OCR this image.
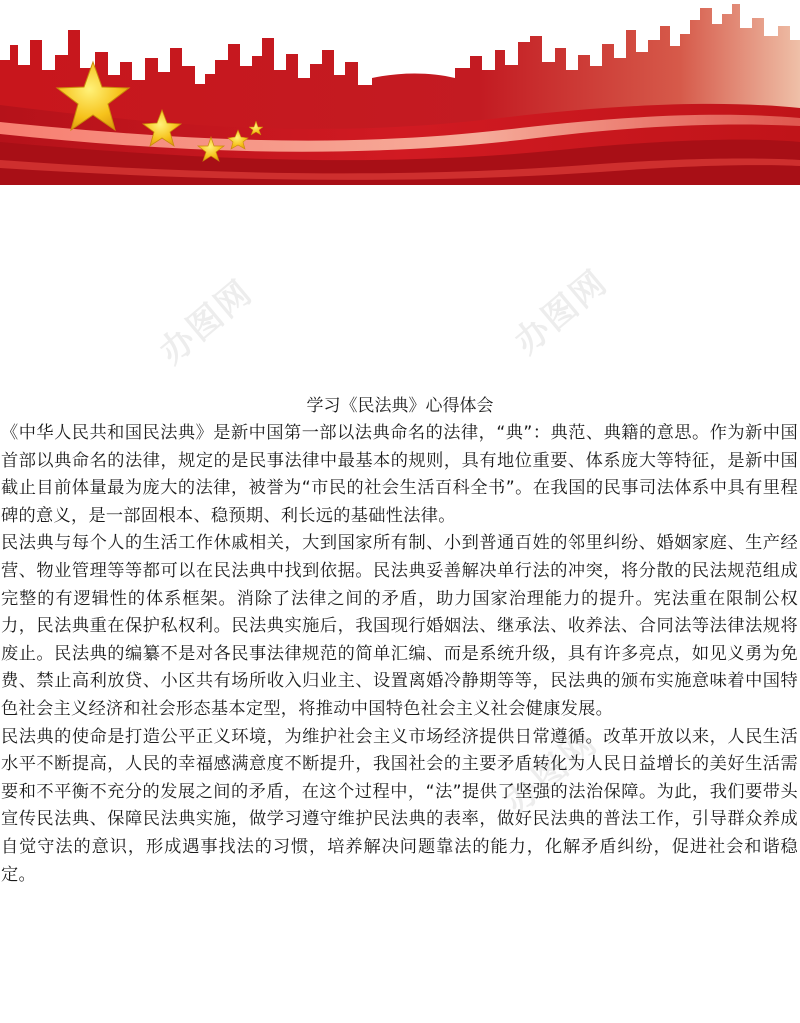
办图网	办图网
办图网
学习《民法典》心得体会

《中华人民共和国民法典》是新中国第一部以法典命名的法律，“典”：典范、典籍的意思。作为新中国首部以典命名的法律，规定的是民事法律中最基本的规则，具有地位重要、体系庞大等特征，是新中国截止目前体量最为庞大的法律，被誉为“市民的社会生活百科全书”。在我国的民事司法体系中具有里程碑的意义，是一部固根本、稳预期、利长远的基础性法律。

民法典与每个人的生活工作休戚相关，大到国家所有制、小到普通百姓的邻里纠纷、婚姻家庭、生产经营、物业管理等等都可以在民法典中找到依据。民法典妥善解决单行法的冲突，将分散的民法规范组成完整的有逻辑性的体系框架。消除了法律之间的矛盾，助力国家治理能力的提升。宪法重在限制公权力，民法典重在保护私权利。民法典实施后，我国现行婚姻法、继承法、收养法、合同法等法律法规将废止。民法典的编纂不是对各民事法律规范的简单汇编、而是系统升级，具有许多亮点，如见义勇为免费、禁止高利放贷、小区共有场所收入归业主、设置离婚冷静期等等，民法典的颁布实施意味着中国特色社会主义经济和社会形态基本定型，将推动中国特色社会主义社会健康发展。

民法典的使命是打造公平正义环境，为维护社会主义市场经济提供日常遵循。改革开放以来，人民生活水平不断提高，人民的幸福感满意度不断提升，我国社会的主要矛盾转化为人民日益增长的美好生活需要和不平衡不充分的发展之间的矛盾，在这个过程中，“法”提供了坚强的法治保障。为此，我们要带头宣传民法典、保障民法典实施，做学习遵守维护民法典的表率，做好民法典的普法工作，引导群众养成自觉守法的意识，形成遇事找法的习惯，培养解决问题靠法的能力，化解矛盾纠纷，促进社会和谐稳定。
